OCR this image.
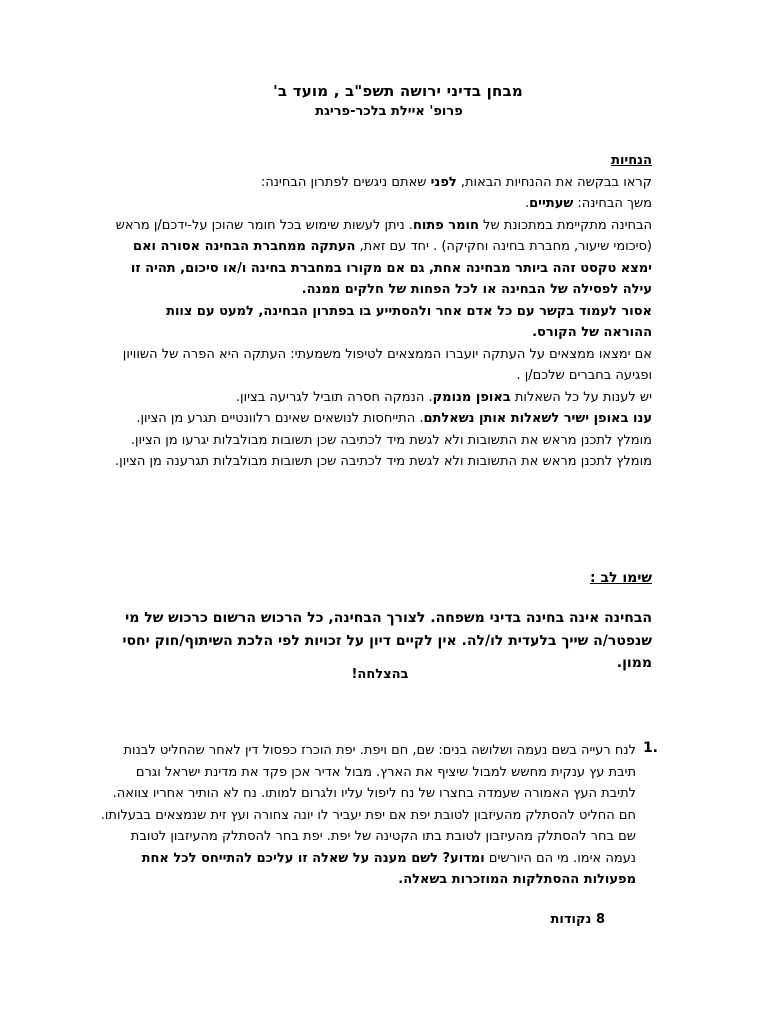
מבחן בדיני ירושה תשפ"ב , מועד ב'
פרופ' איילת בלכר-פריגת

הנחיות

קראו בבקשה את ההנחיות הבאות, לפני שאתם ניגשים לפתרון הבחינה:

משך הבחינה: שעתיים.

הבחינה מתקיימת במתכונת של חומר פתוח. ניתן לעשות שימוש בכל חומר שהוכן על-ידכם/ן מראש (סיכומי שיעור, מחברת בחינה וחקיקה) . יחד עם זאת, העתקה ממחברת הבחינה אסורה ואם ימצא טקסט זהה ביותר מבחינה אחת, גם אם מקורו במחברת בחינה ו/או סיכום, תהיה זו עילה לפסילה של הבחינה או לכל הפחות של חלקים ממנה.

אסור לעמוד בקשר עם כל אדם אחר ולהסתייע בו בפתרון הבחינה, למעט עם צוות ההוראה של הקורס.

אם ימצאו ממצאים על העתקה יועברו הממצאים לטיפול משמעתי: העתקה היא הפרה של השוויון ופגיעה בחברים שלכם/ן .

יש לענות על כל השאלות באופן מנומק. הנמקה חסרה תוביל לגריעה בציון.

ענו באופן ישיר לשאלות אותן נשאלתם. התייחסות לנושאים שאינם רלוונטיים תגרע מן הציון.

מומלץ לתכנן מראש את התשובות ולא לגשת מיד לכתיבה שכן תשובות מבולבלות יגרעו מן הציון.

מומלץ לתכנן מראש את התשובות ולא לגשת מיד לכתיבה שכן תשובות מבולבלות תגרענה מן הציון.

שימו לב :
הבחינה אינה בחינה בדיני משפחה. לצורך הבחינה, כל הרכוש הרשום כרכוש של מי שנפטר/ה שייך בלעדית לו/לה. אין לקיים דיון על זכויות לפי הלכת השיתוף/חוק יחסי ממון.
בהצלחה!
1.
לנח רעייה בשם נעמה ושלושה בנים: שם, חם ויפת. יפת הוכרז כפסול דין לאחר שהחליט לבנות תיבת עץ ענקית מחשש למבול שיציף את הארץ. מבול אדיר אכן פקד את מדינת ישראל וגרם לתיבת העץ האמורה שעמדה בחצרו של נח ליפול עליו ולגרום למותו. נח לא הותיר אחריו צוואה. חם החליט להסתלק מהעיזבון לטובת יפת אם יפת יעביר לו יונה צחורה ועץ זית שנמצאים בבעלותו. שם בחר להסתלק מהעיזבון לטובת בתו הקטינה של יפת. יפת בחר להסתלק מהעיזבון לטובת נעמה אימו. מי הם היורשים ומדוע? לשם מענה על שאלה זו עליכם להתייחס לכל אחת מפעולות ההסתלקות המוזכרות בשאלה.
8 נקודות
